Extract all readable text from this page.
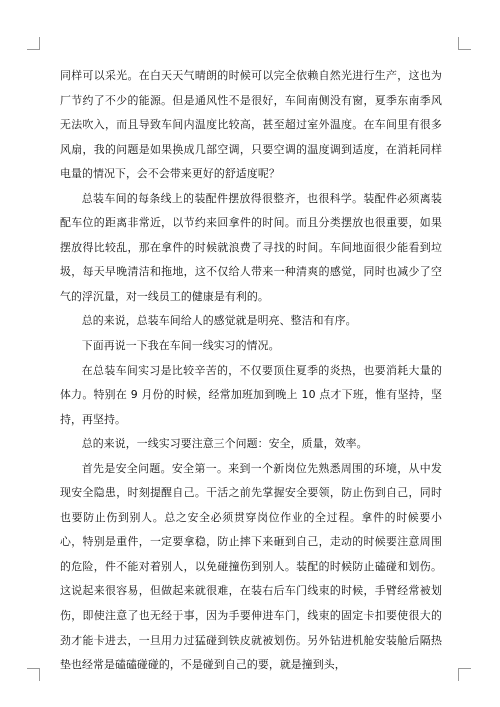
同样可以采光。在白天天气晴朗的时候可以完全依赖自然光进行生产，这也为厂节约了不少的能源。但是通风性不是很好，车间南侧没有窗，夏季东南季风无法吹入，而且导致车间内温度比较高，甚至超过室外温度。在车间里有很多风扇，我的问题是如果换成几部空调，只要空调的温度调到适度，在消耗同样电量的情况下，会不会带来更好的舒适度呢？

总装车间的每条线上的装配件摆放得很整齐，也很科学。装配件必须离装配车位的距离非常近，以节约来回拿件的时间。而且分类摆放也很重要，如果摆放得比较乱，那在拿件的时候就浪费了寻找的时间。车间地面很少能看到垃圾，每天早晚清洁和拖地，这不仅给人带来一种清爽的感觉，同时也减少了空气的浮沉量，对一线员工的健康是有利的。

总的来说，总装车间给人的感觉就是明亮、整洁和有序。

下面再说一下我在车间一线实习的情况。

在总装车间实习是比较辛苦的，不仅要顶住夏季的炎热，也要消耗大量的体力。特别在 9 月份的时候，经常加班加到晚上 10 点才下班，惟有坚持，坚持，再坚持。

总的来说，一线实习要注意三个问题：安全，质量，效率。

首先是安全问题。安全第一。来到一个新岗位先熟悉周围的环境，从中发现安全隐患，时刻提醒自己。干活之前先掌握安全要领，防止伤到自己，同时也要防止伤到别人。总之安全必须贯穿岗位作业的全过程。拿件的时候要小心，特别是重件，一定要拿稳，防止摔下来砸到自己，走动的时候要注意周围的危险，件不能对着别人，以免碰撞伤到别人。装配的时候防止磕碰和划伤。这说起来很容易，但做起来就很难，在装右后车门线束的时候，手臂经常被划伤，即使注意了也无经于事，因为手要伸进车门，线束的固定卡扣要使很大的劲才能卡进去，一旦用力过猛碰到铁皮就被划伤。另外钻进机舱安装舱后隔热垫也经常是磕磕碰碰的，不是碰到自己的要，就是撞到头，
